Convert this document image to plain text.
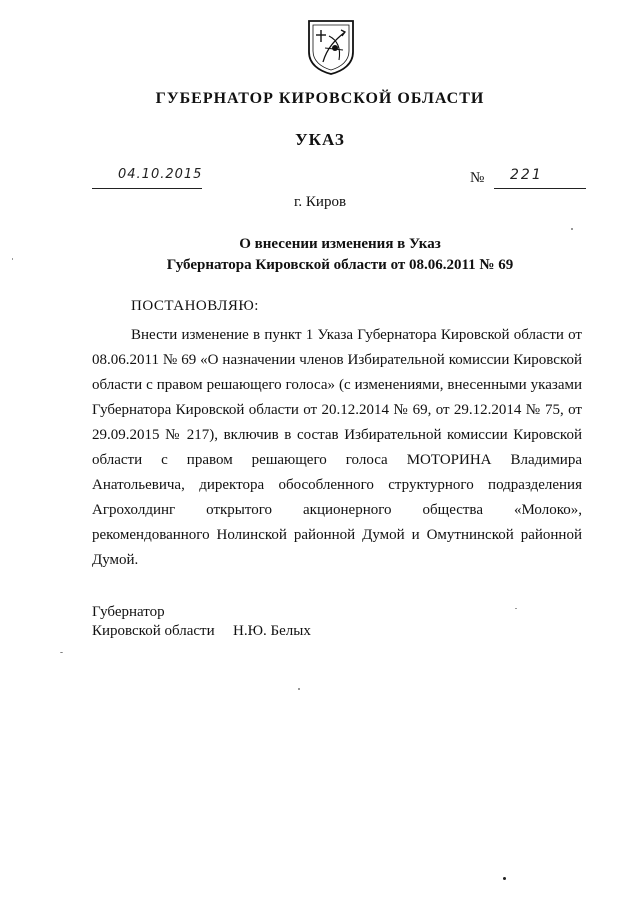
ГУБЕРНАТОР КИРОВСКОЙ ОБЛАСТИ
УКАЗ
04.10.2015	№ 221
г. Киров
О внесении изменения в Указ
Губернатора Кировской области от 08.06.2011 № 69
ПОСТАНОВЛЯЮ:

Внести изменение в пункт 1 Указа Губернатора Кировской области от 08.06.2011 № 69 «О назначении членов Избирательной комиссии Кировской области с правом решающего голоса» (с изменениями, внесенными указами Губернатора Кировской области от 20.12.2014 № 69, от 29.12.2014 № 75, от 29.09.2015 № 217), включив в состав Избирательной комиссии Кировской области с правом решающего голоса МОТОРИНА Владимира Анатольевича, директора обособленного структурного подразделения Агрохолдинг открытого акционерного общества «Молоко», рекомендованного Нолинской районной Думой и Омутнинской районной Думой.

Губернатор
Кировской области Н.Ю. Белых
